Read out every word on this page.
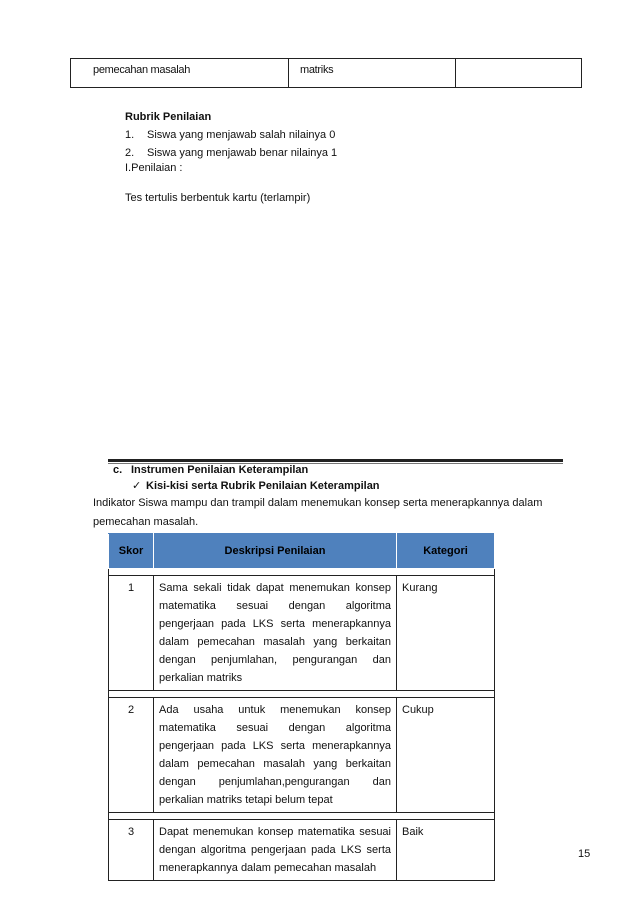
pemecahan masalah	matriks
Rubrik Penilaian
1. Siswa yang menjawab salah nilainya 0
2. Siswa yang menjawab benar nilainya 1
I.Penilaian :
Tes tertulis berbentuk kartu (terlampir)
c. Instrumen Penilaian Keterampilan
✓ Kisi-kisi serta Rubrik Penilaian Keterampilan
Indikator Siswa mampu dan trampil dalam menemukan konsep serta menerapkannya dalam pemecahan masalah.
Skor	Deskripsi Penilaian	Kategori

1	Sama sekali tidak dapat menemukan konsep matematika sesuai dengan algoritma pengerjaan pada LKS serta menerapkannya dalam pemecahan masalah yang berkaitan dengan penjumlahan, pengurangan dan perkalian matriks	Kurang

2	Ada usaha untuk menemukan konsep matematika sesuai dengan algoritma pengerjaan pada LKS serta menerapkannya dalam pemecahan masalah yang berkaitan dengan penjumlahan,pengurangan dan perkalian matriks tetapi belum tepat	Cukup

3	Dapat menemukan konsep matematika sesuai dengan algoritma pengerjaan pada LKS serta menerapkannya dalam pemecahan masalah	Baik
15
